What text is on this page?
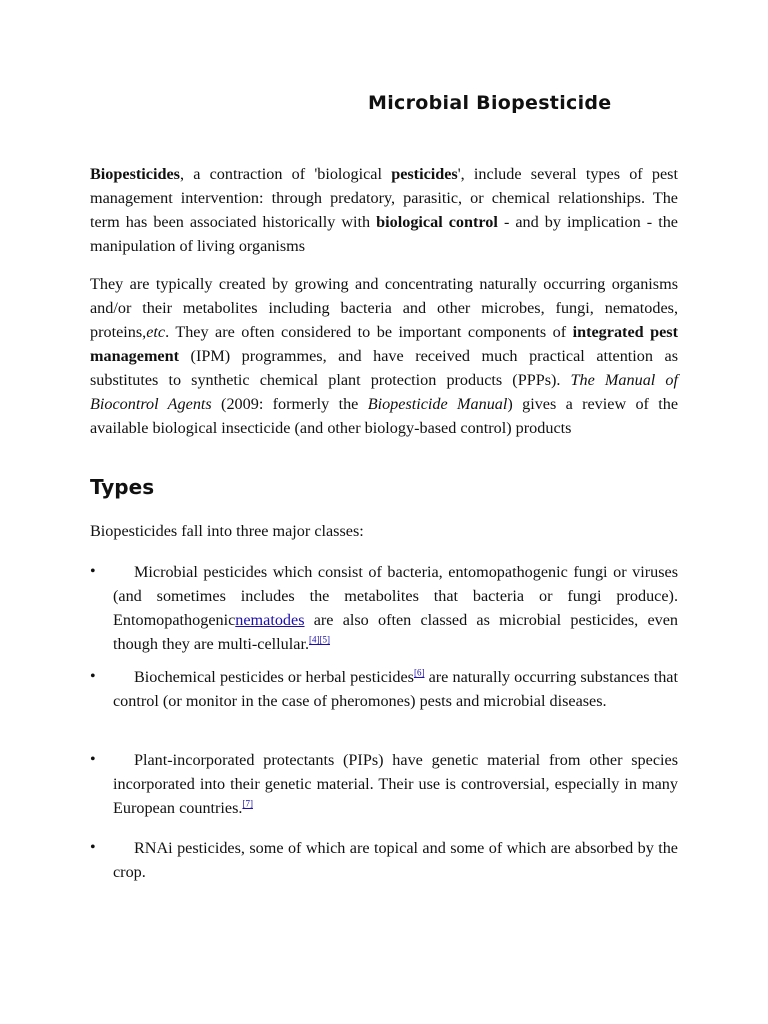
Microbial Biopesticide

Biopesticides, a contraction of 'biological pesticides', include several types of pest management intervention: through predatory, parasitic, or chemical relationships. The term has been associated historically with biological control - and by implication - the manipulation of living organisms

They are typically created by growing and concentrating naturally occurring organisms and/or their metabolites including bacteria and other microbes, fungi, nematodes, proteins,etc. They are often considered to be important components of integrated pest management (IPM) programmes, and have received much practical attention as substitutes to synthetic chemical plant protection products (PPPs). The Manual of Biocontrol Agents (2009: formerly the Biopesticide Manual) gives a review of the available biological insecticide (and other biology-based control) products

Types
Biopesticides fall into three major classes:
•	Microbial pesticides which consist of bacteria, entomopathogenic fungi or viruses (and sometimes includes the metabolites that bacteria or fungi produce). Entomopathogenicnematodes are also often classed as microbial pesticides, even though they are multi-cellular.[4][5]
•	Biochemical pesticides or herbal pesticides[6] are naturally occurring substances that control (or monitor in the case of pheromones) pests and microbial diseases.
•	Plant-incorporated protectants (PIPs) have genetic material from other species incorporated into their genetic material. Their use is controversial, especially in many European countries.[7]
•	RNAi pesticides, some of which are topical and some of which are absorbed by the crop.
